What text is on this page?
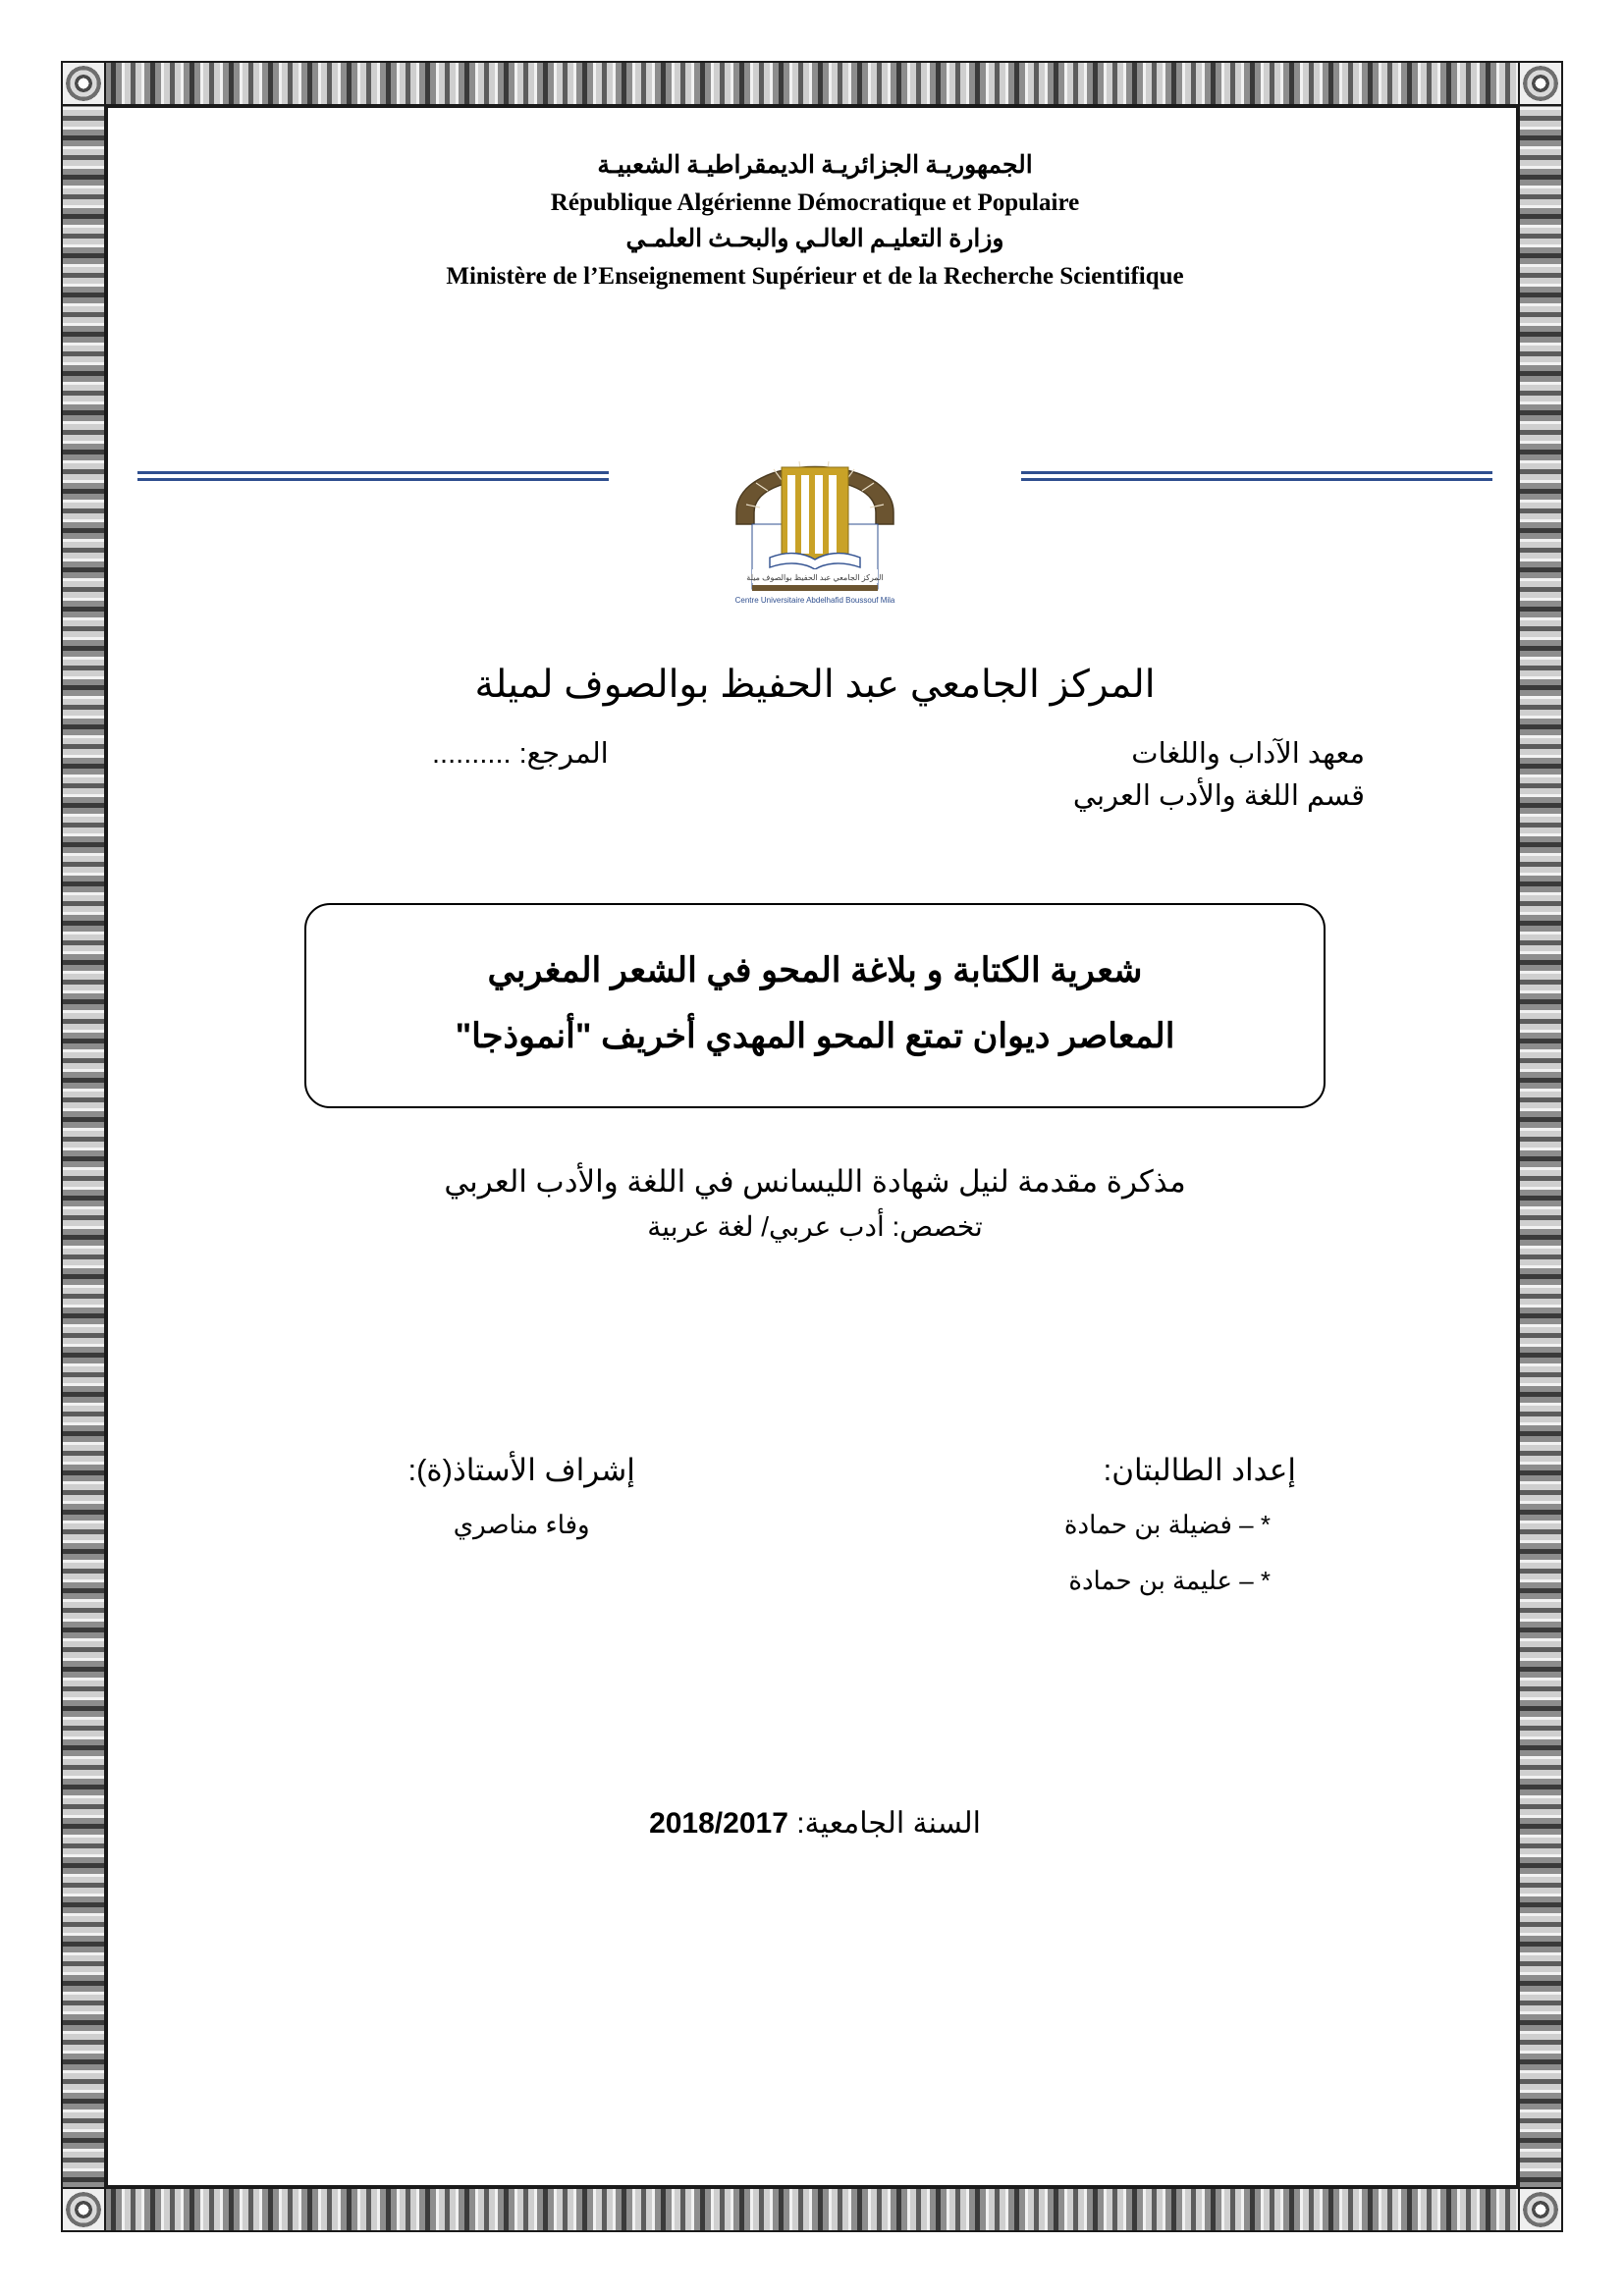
الجمهوريـة الجزائريـة الديمقراطيـة الشعبيـة
République Algérienne Démocratique et Populaire
وزارة التعليـم العالـي والبحـث العلمـي
Ministère de l’Enseignement Supérieur et de la Recherche Scientifique
المركز الجامعي عبد الحفيظ بوالصوف ميلة
Centre Universitaire Abdelhafid Boussouf Mila
المركز الجامعي عبد الحفيظ بوالصوف لميلة
معهد الآداب واللغات
المرجع: ..........
قسم اللغة والأدب العربي
شعرية الكتابة و بلاغة المحو في الشعر المغربي
المعاصر ديوان تمتع المحو المهدي أخريف "أنموذجا"
مذكرة مقدمة لنيل شهادة الليسانس في اللغة والأدب العربي
تخصص: أدب عربي/ لغة عربية
إعداد الطالبتان:
* – فضيلة بن حمادة
* – عليمة بن حمادة
إشراف الأستاذ(ة):
وفاء مناصري
السنة الجامعية: 2018/2017
